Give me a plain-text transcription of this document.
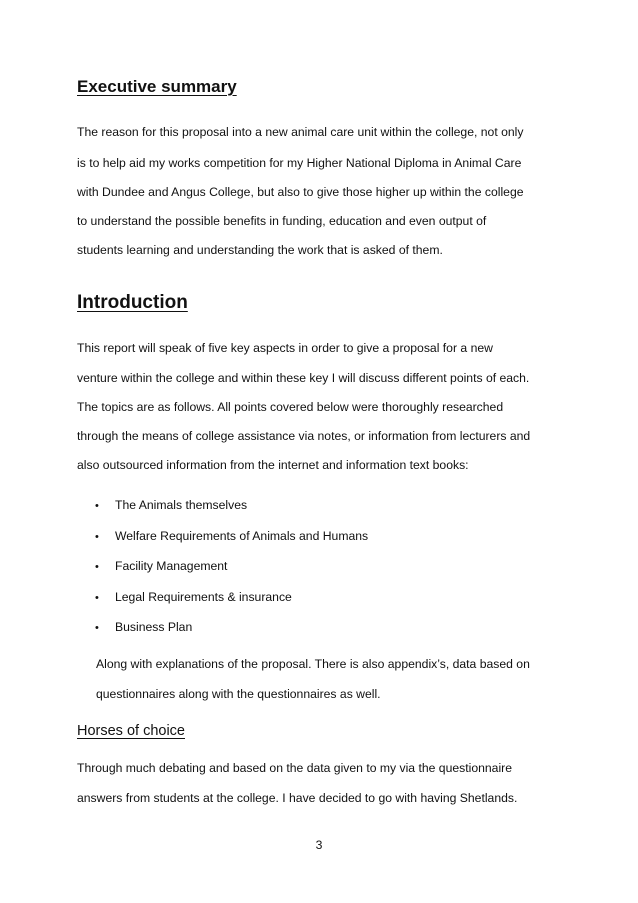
Executive summary

The reason for this proposal into a new animal care unit within the college, not only

is to help aid my works competition for my Higher National Diploma in Animal Care

with Dundee and Angus College, but also to give those higher up within the college

to understand the possible benefits in funding, education and even output of

students learning and understanding the work that is asked of them.

Introduction

This report will speak of five key aspects in order to give a proposal for a new

venture within the college and within these key I will discuss different points of each.

The topics are as follows. All points covered below were thoroughly researched

through the means of college assistance via notes, or information from lecturers and

also outsourced information from the internet and information text books:

• The Animals themselves
• Welfare Requirements of Animals and Humans
• Facility Management
• Legal Requirements & insurance
• Business Plan

Along with explanations of the proposal. There is also appendix’s, data based on

questionnaires along with the questionnaires as well.

Horses of choice

Through much debating and based on the data given to my via the questionnaire

answers from students at the college. I have decided to go with having Shetlands.

3
